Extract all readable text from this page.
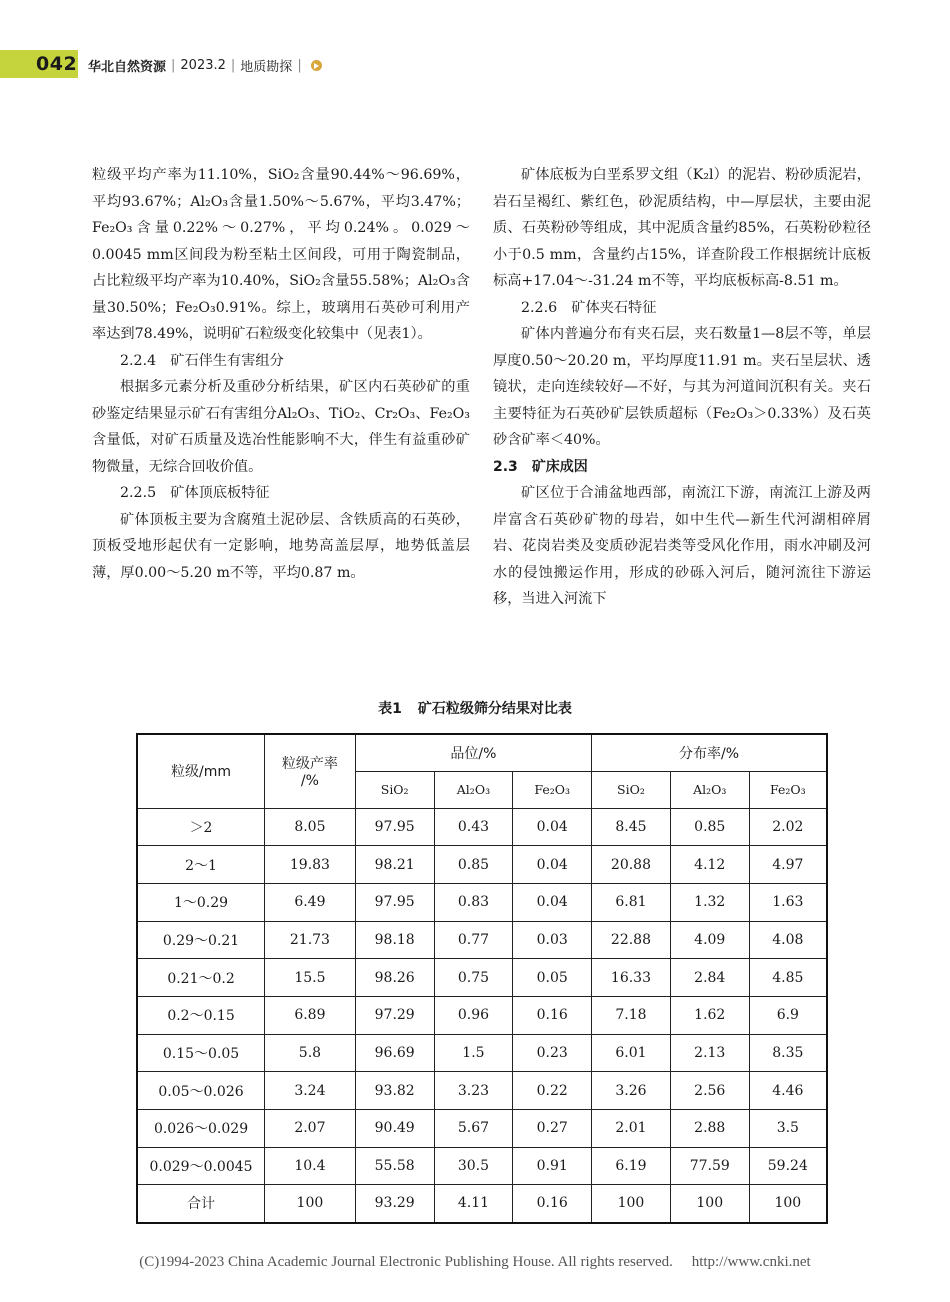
042 华北自然资源 | 2023.2 | 地质勘探 |

粒级平均产率为11.10%，SiO₂含量90.44%～96.69%，平均93.67%；Al₂O₃含量1.50%～5.67%，平均3.47%；Fe₂O₃含量0.22%～0.27%，平均0.24%。0.029～0.0045 mm区间段为粉至粘土区间段，可用于陶瓷制品，占比粒级平均产率为10.40%，SiO₂含量55.58%；Al₂O₃含量30.50%；Fe₂O₃0.91%。综上，玻璃用石英砂可利用产率达到78.49%，说明矿石粒级变化较集中（见表1）。

2.2.4　矿石伴生有害组分

根据多元素分析及重砂分析结果，矿区内石英砂矿的重砂鉴定结果显示矿石有害组分Al₂O₃、TiO₂、Cr₂O₃、Fe₂O₃含量低，对矿石质量及选冶性能影响不大，伴生有益重砂矿物微量，无综合回收价值。

2.2.5　矿体顶底板特征

矿体顶板主要为含腐殖土泥砂层、含铁质高的石英砂，顶板受地形起伏有一定影响，地势高盖层厚，地势低盖层薄，厚0.00～5.20 m不等，平均0.87 m。

矿体底板为白垩系罗文组（K₂l）的泥岩、粉砂质泥岩，岩石呈褐红、紫红色，砂泥质结构，中—厚层状，主要由泥质、石英粉砂等组成，其中泥质含量约85%，石英粉砂粒径小于0.5 mm，含量约占15%，详查阶段工作根据统计底板标高+17.04～-31.24 m不等，平均底板标高-8.51 m。

2.2.6　矿体夹石特征

矿体内普遍分布有夹石层，夹石数量1—8层不等，单层厚度0.50～20.20 m，平均厚度11.91 m。夹石呈层状、透镜状，走向连续较好—不好，与其为河道间沉积有关。夹石主要特征为石英砂矿层铁质超标（Fe₂O₃＞0.33%）及石英砂含矿率＜40%。

2.3 矿床成因

矿区位于合浦盆地西部，南流江下游，南流江上游及两岸富含石英砂矿物的母岩，如中生代—新生代河湖相碎屑岩、花岗岩类及变质砂泥岩类等受风化作用，雨水冲刷及河水的侵蚀搬运作用，形成的砂砾入河后，随河流往下游运移，当进入河流下

表1 矿石粒级筛分结果对比表
粒级/mm	粒级产率
/%	品位/%			分布率/%		
		SiO₂	Al₂O₃	Fe₂O₃	SiO₂	Al₂O₃	Fe₂O₃
＞2	8.05	97.95	0.43	0.04	8.45	0.85	2.02
2～1	19.83	98.21	0.85	0.04	20.88	4.12	4.97
1～0.29	6.49	97.95	0.83	0.04	6.81	1.32	1.63
0.29～0.21	21.73	98.18	0.77	0.03	22.88	4.09	4.08
0.21～0.2	15.5	98.26	0.75	0.05	16.33	2.84	4.85
0.2～0.15	6.89	97.29	0.96	0.16	7.18	1.62	6.9
0.15～0.05	5.8	96.69	1.5	0.23	6.01	2.13	8.35
0.05～0.026	3.24	93.82	3.23	0.22	3.26	2.56	4.46
0.026～0.029	2.07	90.49	5.67	0.27	2.01	2.88	3.5
0.029～0.0045	10.4	55.58	30.5	0.91	6.19	77.59	59.24
合计	100	93.29	4.11	0.16	100	100	100
(C)1994-2023 China Academic Journal Electronic Publishing House. All rights reserved. http://www.cnki.net
